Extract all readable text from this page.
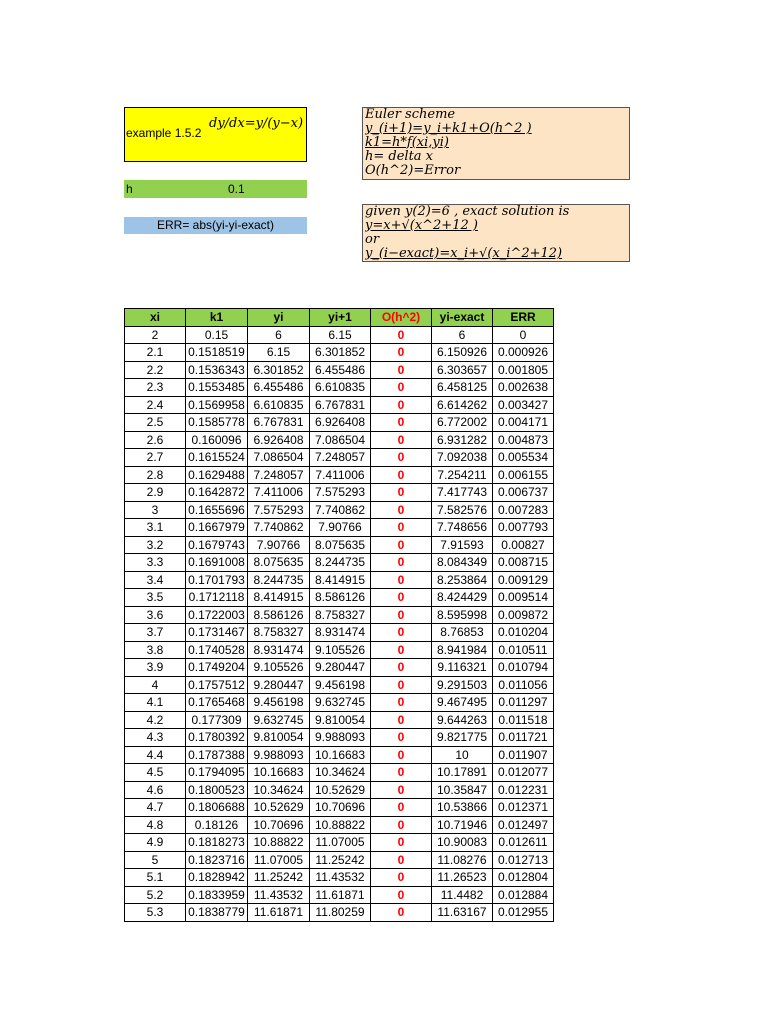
example 1.5.2
dy/dx=y/(y−x)
h	0.1
ERR= abs(yi-yi-exact)
Euler scheme
y_(i+1)=y_i+k1+O(h^2 )
k1=h*f(xi,yi)
h= delta x
O(h^2)=Error
given y(2)=6 , exact solution is
y=x+√(x^2+12 )
or
y_(i−exact)=x_i+√(x_i^2+12)
xi	k1	yi	yi+1	O(h^2)	yi-exact	ERR
2	0.15	6	6.15	0	6	0
2.1	0.1518519	6.15	6.301852	0	6.150926	0.000926
2.2	0.1536343	6.301852	6.455486	0	6.303657	0.001805
2.3	0.1553485	6.455486	6.610835	0	6.458125	0.002638
2.4	0.1569958	6.610835	6.767831	0	6.614262	0.003427
2.5	0.1585778	6.767831	6.926408	0	6.772002	0.004171
2.6	0.160096	6.926408	7.086504	0	6.931282	0.004873
2.7	0.1615524	7.086504	7.248057	0	7.092038	0.005534
2.8	0.1629488	7.248057	7.411006	0	7.254211	0.006155
2.9	0.1642872	7.411006	7.575293	0	7.417743	0.006737
3	0.1655696	7.575293	7.740862	0	7.582576	0.007283
3.1	0.1667979	7.740862	7.90766	0	7.748656	0.007793
3.2	0.1679743	7.90766	8.075635	0	7.91593	0.00827
3.3	0.1691008	8.075635	8.244735	0	8.084349	0.008715
3.4	0.1701793	8.244735	8.414915	0	8.253864	0.009129
3.5	0.1712118	8.414915	8.586126	0	8.424429	0.009514
3.6	0.1722003	8.586126	8.758327	0	8.595998	0.009872
3.7	0.1731467	8.758327	8.931474	0	8.76853	0.010204
3.8	0.1740528	8.931474	9.105526	0	8.941984	0.010511
3.9	0.1749204	9.105526	9.280447	0	9.116321	0.010794
4	0.1757512	9.280447	9.456198	0	9.291503	0.011056
4.1	0.1765468	9.456198	9.632745	0	9.467495	0.011297
4.2	0.177309	9.632745	9.810054	0	9.644263	0.011518
4.3	0.1780392	9.810054	9.988093	0	9.821775	0.011721
4.4	0.1787388	9.988093	10.16683	0	10	0.011907
4.5	0.1794095	10.16683	10.34624	0	10.17891	0.012077
4.6	0.1800523	10.34624	10.52629	0	10.35847	0.012231
4.7	0.1806688	10.52629	10.70696	0	10.53866	0.012371
4.8	0.18126	10.70696	10.88822	0	10.71946	0.012497
4.9	0.1818273	10.88822	11.07005	0	10.90083	0.012611
5	0.1823716	11.07005	11.25242	0	11.08276	0.012713
5.1	0.1828942	11.25242	11.43532	0	11.26523	0.012804
5.2	0.1833959	11.43532	11.61871	0	11.4482	0.012884
5.3	0.1838779	11.61871	11.80259	0	11.63167	0.012955
